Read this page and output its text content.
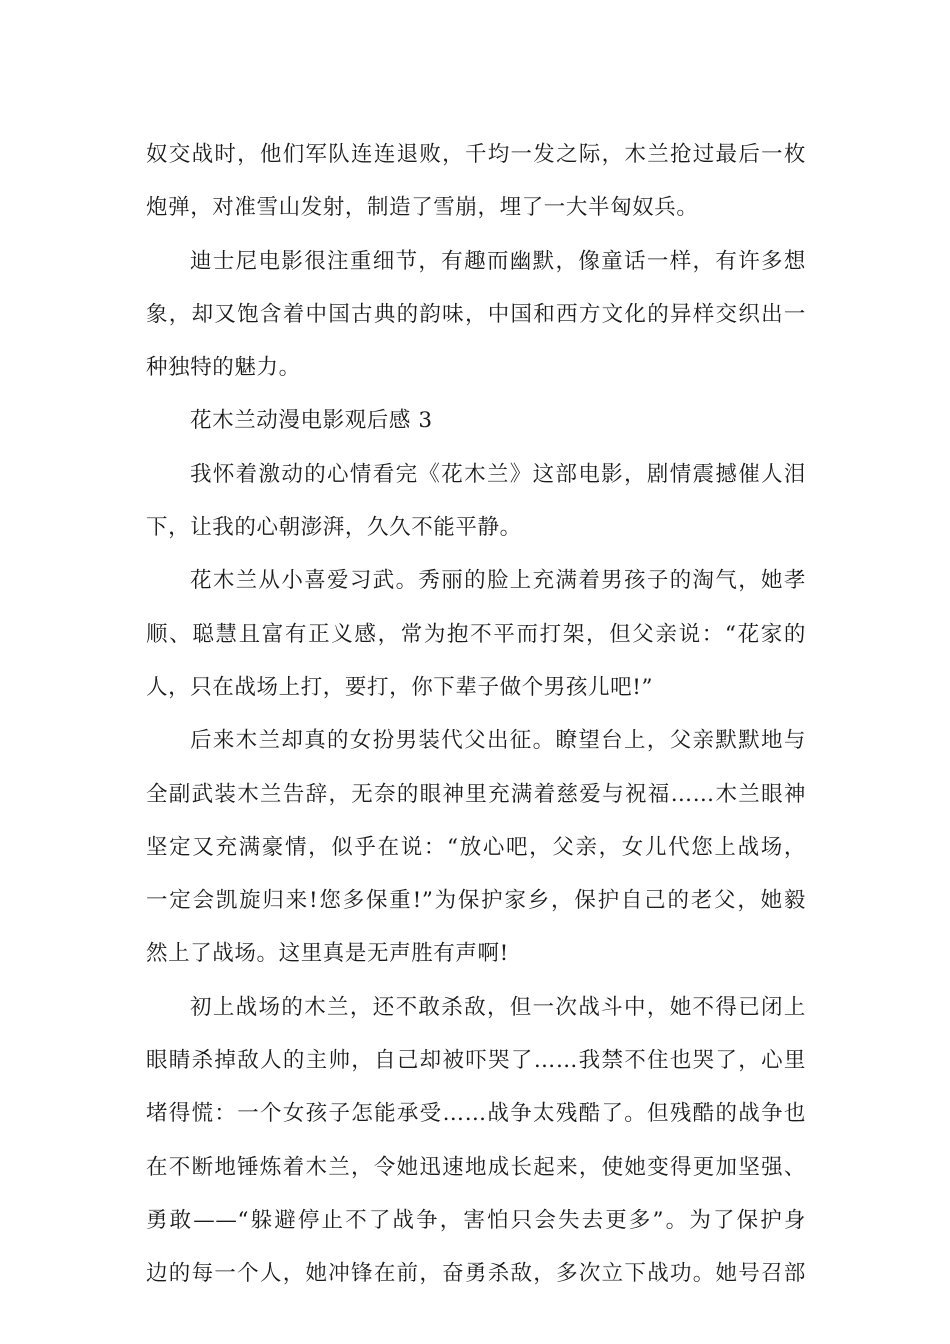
奴交战时，他们军队连连退败，千均一发之际，木兰抢过最后一枚
炮弹，对准雪山发射，制造了雪崩，埋了一大半匈奴兵。
迪士尼电影很注重细节，有趣而幽默，像童话一样，有许多想
象，却又饱含着中国古典的韵味，中国和西方文化的异样交织出一
种独特的魅力。
花木兰动漫电影观后感 3
我怀着激动的心情看完《花木兰》这部电影，剧情震撼催人泪
下，让我的心朝澎湃，久久不能平静。
花木兰从小喜爱习武。秀丽的脸上充满着男孩子的淘气，她孝
顺、聪慧且富有正义感，常为抱不平而打架，但父亲说：“花家的
人，只在战场上打，要打，你下辈子做个男孩儿吧!”
后来木兰却真的女扮男装代父出征。瞭望台上，父亲默默地与
全副武装木兰告辞，无奈的眼神里充满着慈爱与祝福……木兰眼神
坚定又充满豪情，似乎在说：“放心吧，父亲，女儿代您上战场，
一定会凯旋归来!您多保重!”为保护家乡，保护自己的老父，她毅
然上了战场。这里真是无声胜有声啊!
初上战场的木兰，还不敢杀敌，但一次战斗中，她不得已闭上
眼睛杀掉敌人的主帅，自己却被吓哭了……我禁不住也哭了，心里
堵得慌：一个女孩子怎能承受……战争太残酷了。但残酷的战争也
在不断地锤炼着木兰，令她迅速地成长起来，使她变得更加坚强、
勇敢——“躲避停止不了战争，害怕只会失去更多”。为了保护身
边的每一个人，她冲锋在前，奋勇杀敌，多次立下战功。她号召部
